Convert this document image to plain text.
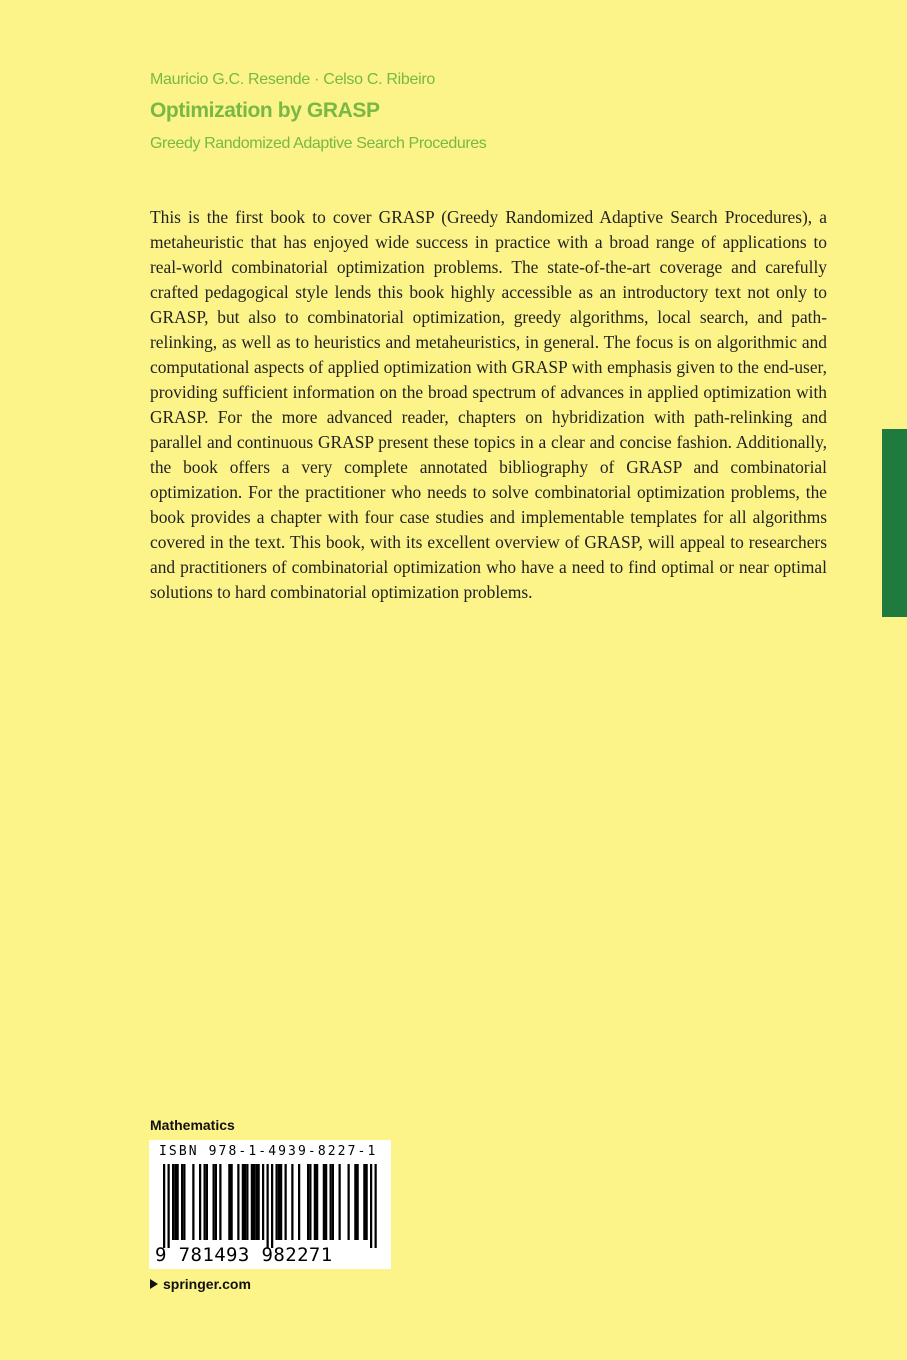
Mauricio G.C. Resende · Celso C. Ribeiro
Optimization by GRASP
Greedy Randomized Adaptive Search Procedures

This is the first book to cover GRASP (Greedy Randomized Adaptive Search Procedures), a metaheuristic that has enjoyed wide success in practice with a broad range of applications to real-world combinatorial optimization problems. The state-of-the-art coverage and carefully crafted pedagogical style lends this book highly accessible as an introductory text not only to GRASP, but also to combinatorial optimization, greedy algorithms, local search, and path-relinking, as well as to heuristics and metaheuristics, in general. The focus is on algorithmic and computational aspects of applied optimization with GRASP with emphasis given to the end-user, providing sufficient information on the broad spectrum of advances in applied optimization with GRASP. For the more advanced reader, chapters on hybridization with path-relinking and parallel and continuous GRASP present these topics in a clear and concise fashion. Additionally, the book offers a very complete annotated bibliography of GRASP and combinatorial optimization. For the practitioner who needs to solve combinatorial optimization problems, the book provides a chapter with four case studies and implementable templates for all algorithms covered in the text. This book, with its excellent overview of GRASP, will appeal to researchers and practitioners of combinatorial optimization who have a need to find optimal or near optimal solutions to hard combinatorial optimization problems.

Mathematics
ISBN 978-1-4939-8227-1
9 781493 982271
springer.com
